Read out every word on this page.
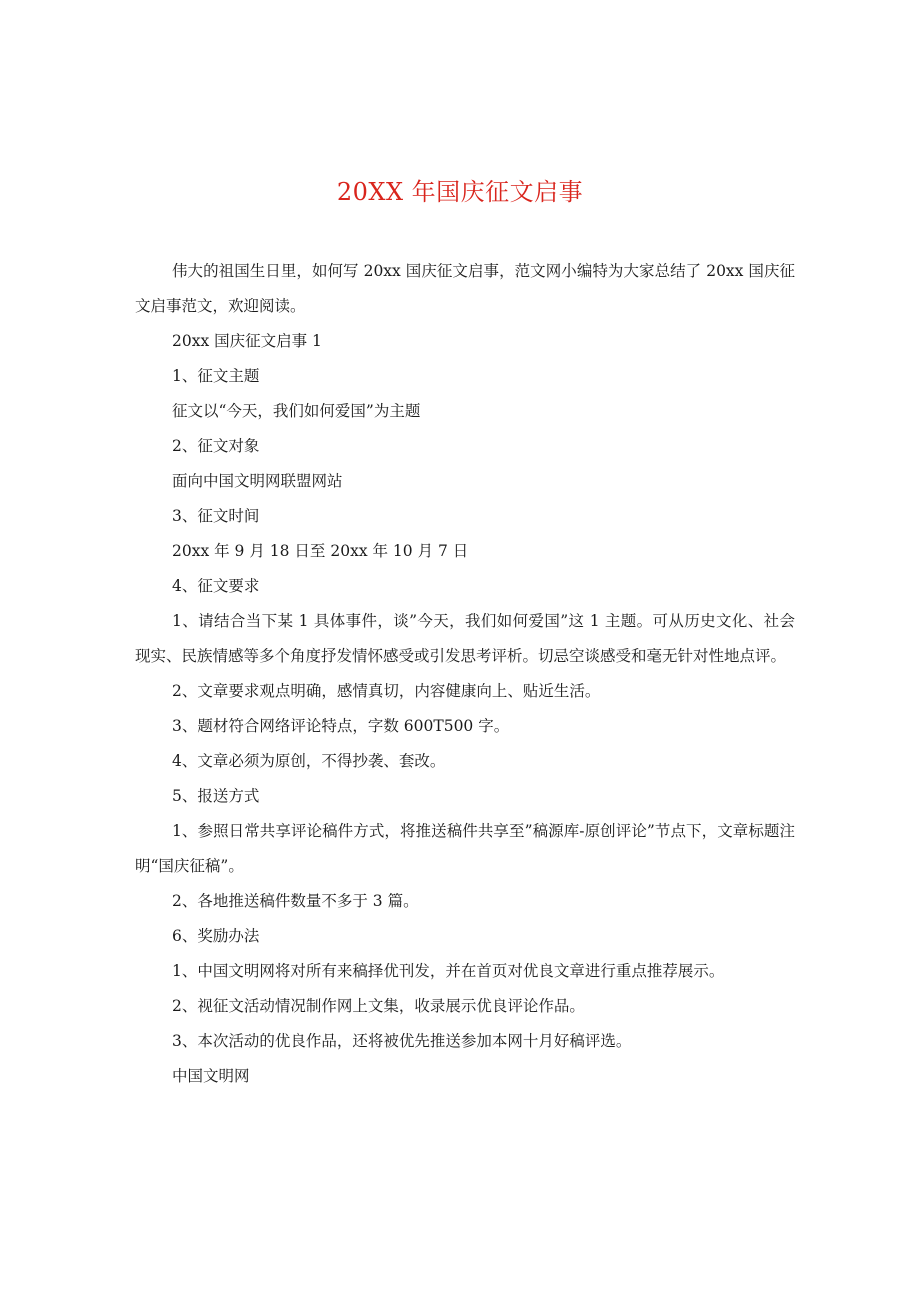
20XX 年国庆征文启事

伟大的祖国生日里，如何写 20xx 国庆征文启事，范文网小编特为大家总结了 20xx 国庆征文启事范文，欢迎阅读。

20xx 国庆征文启事 1

1、征文主题

征文以“今天，我们如何爱国”为主题

2、征文对象

面向中国文明网联盟网站

3、征文时间

20xx 年 9 月 18 日至 20xx 年 10 月 7 日

4、征文要求

1、请结合当下某 1 具体事件，谈”今天，我们如何爱国”这 1 主题。可从历史文化、社会现实、民族情感等多个角度抒发情怀感受或引发思考评析。切忌空谈感受和毫无针对性地点评。

2、文章要求观点明确，感情真切，内容健康向上、贴近生活。

3、题材符合网络评论特点，字数 600T500 字。

4、文章必须为原创，不得抄袭、套改。

5、报送方式

1、参照日常共享评论稿件方式，将推送稿件共享至”稿源库-原创评论”节点下，文章标题注明“国庆征稿”。

2、各地推送稿件数量不多于 3 篇。

6、奖励办法

1、中国文明网将对所有来稿择优刊发，并在首页对优良文章进行重点推荐展示。

2、视征文活动情况制作网上文集，收录展示优良评论作品。

3、本次活动的优良作品，还将被优先推送参加本网十月好稿评选。

中国文明网
